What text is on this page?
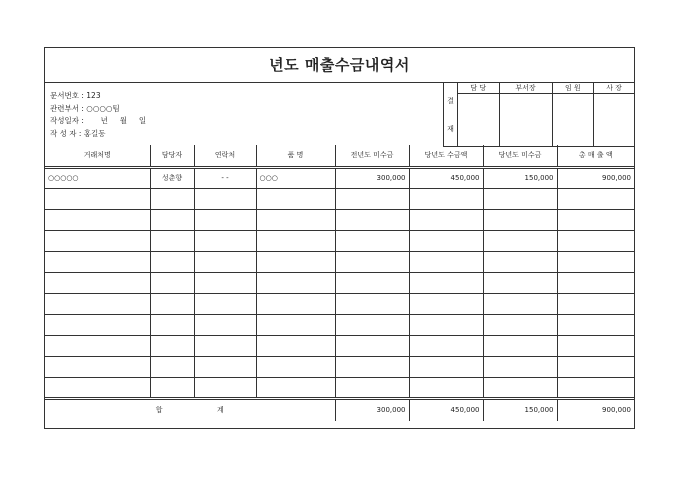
년도 매출수금내역서
문서번호 : 123
관련부서 : ○○○○팀
작성일자 :       년     월     일
작 성 자 : 홍길동
결

재	담 당	부서장	임 원	사 장

거래처명	담당자	연락처	품 명	전년도 미수금	당년도 수금액	당년도 미수금	총 매 출 액
○○○○○	성춘향	- -	○○○	300,000	450,000	150,000	900,000

합 계				300,000	450,000	150,000	900,000
